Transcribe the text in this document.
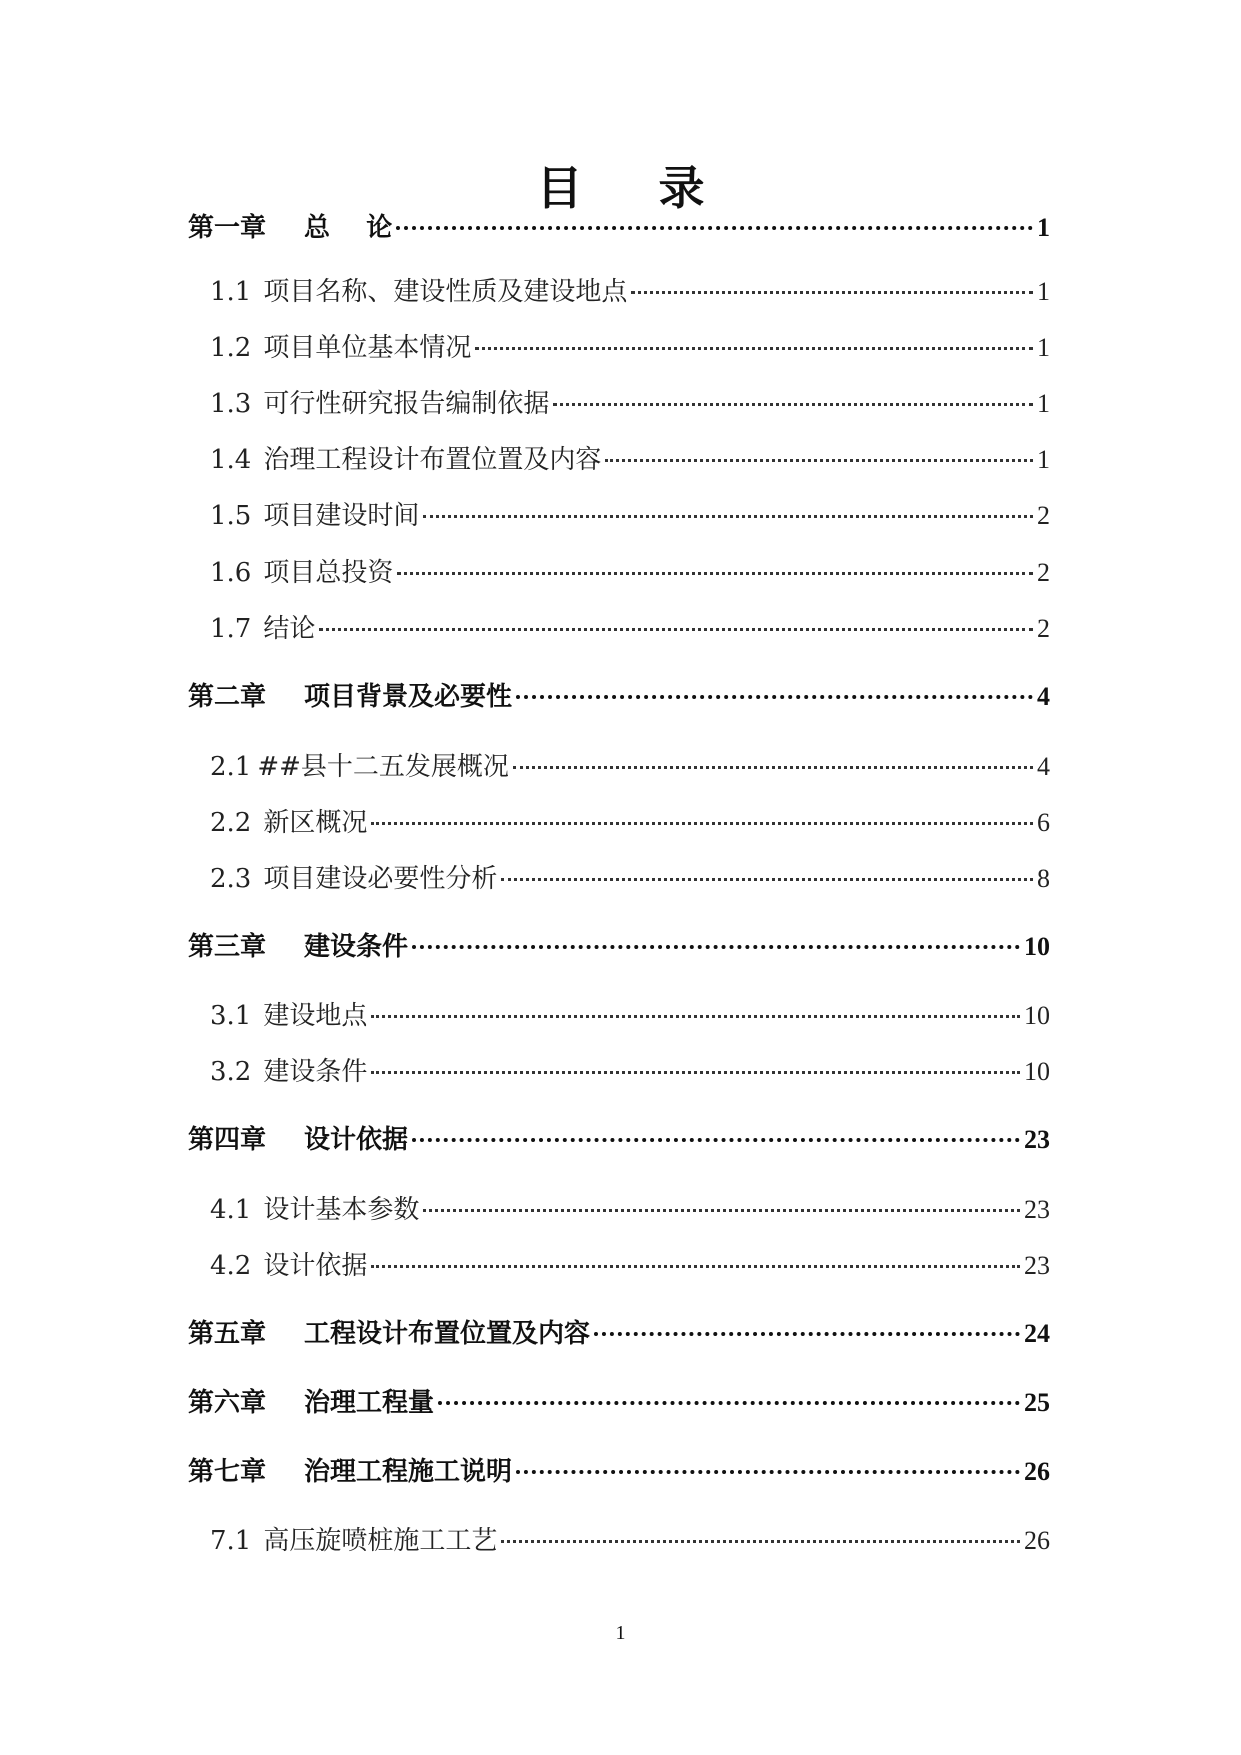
目 录
第一章	总    论	1
1.1 项目名称、建设性质及建设地点	1
1.2 项目单位基本情况	1
1.3 可行性研究报告编制依据	1
1.4 治理工程设计布置位置及内容	1
1.5 项目建设时间	2
1.6 项目总投资	2
1.7 结论	2
第二章	项目背景及必要性	4
2.1 ##县十二五发展概况	4
2.2 新区概况	6
2.3 项目建设必要性分析	8
第三章	建设条件	10
3.1 建设地点	10
3.2 建设条件	10
第四章	设计依据	23
4.1 设计基本参数	23
4.2 设计依据	23
第五章	工程设计布置位置及内容	24
第六章	治理工程量	25
第七章	治理工程施工说明	26
7.1 高压旋喷桩施工工艺	26
1
